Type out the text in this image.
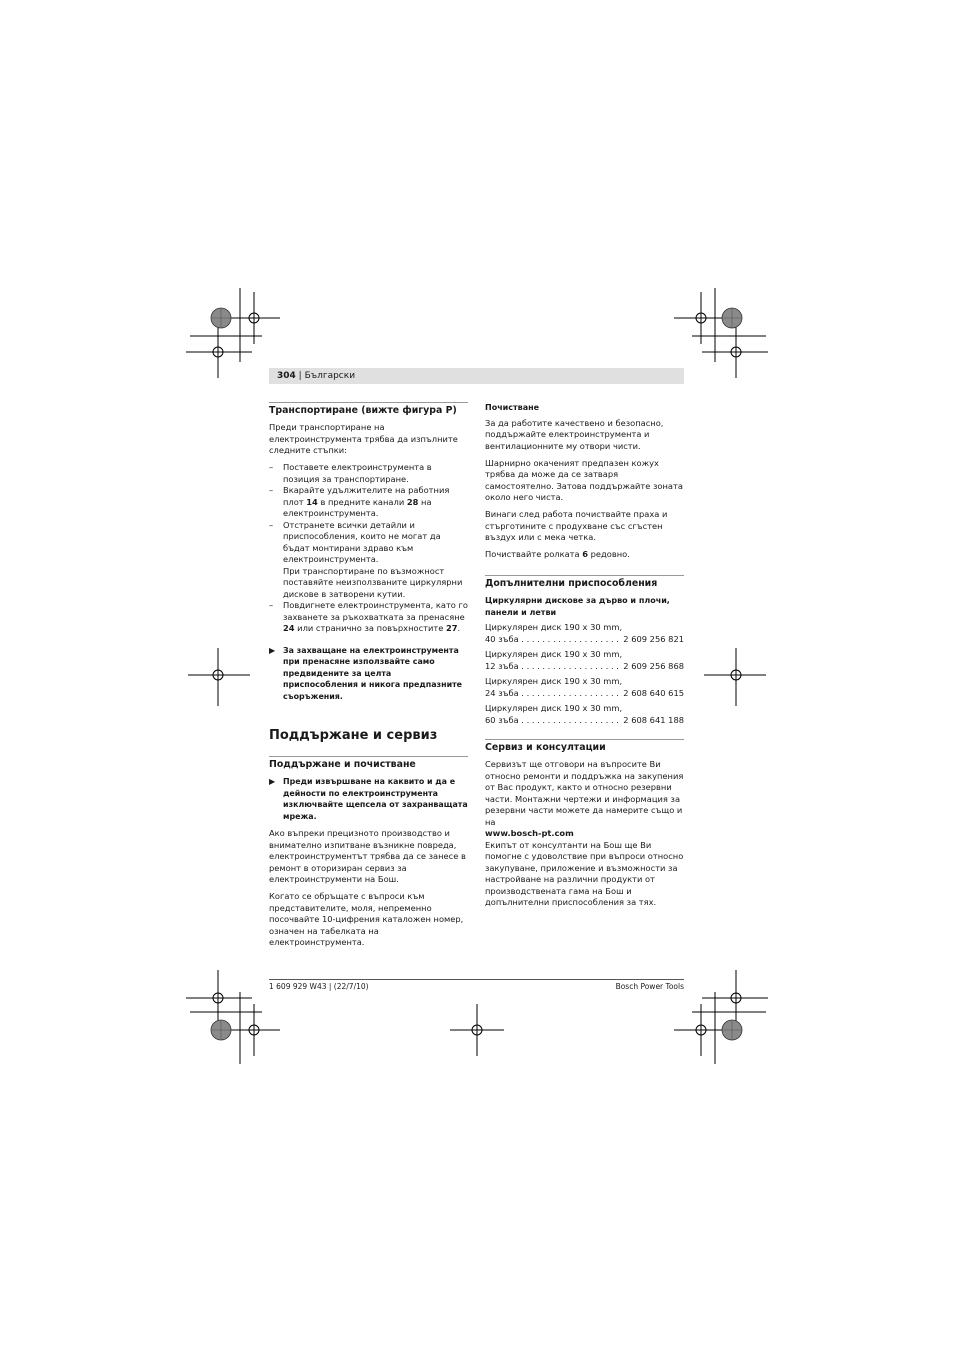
304 | Български
Транспортиране (вижте фигура P)

Преди транспортиране на електроинструмента трябва да изпълните следните стъпки:

–	Поставете електроинструмента в позиция за транспортиране.
–	Вкарайте удължителите на работния плот 14 в предните канали 28 на електроинструмента.
–	Отстранете всички детайли и приспособления, които не могат да бъдат монтирани здраво към електроинструмента.
При транспортиране по възможност поставяйте неизползваните циркулярни дискове в затворени кутии.
–	Повдигнете електроинструмента, като го захванете за ръкохватката за пренасяне 24 или странично за повърхностите 27.
▶ За захващане на електроинструмента при пренасяне използвайте само предвидените за целта приспособления и никога предпазните съоръжения.
Поддържане и сервиз
Поддържане и почистване
▶ Преди извършване на каквито и да е дейности по електроинструмента изключвайте щепсела от захранващата мрежа.

Ако въпреки прецизното производство и внимателно изпитване възникне повреда, електроинструментът трябва да се занесе в ремонт в оторизиран сервиз за електроинструменти на Бош.

Когато се обръщате с въпроси към представителите, моля, непременно посочвайте 10-цифрения каталожен номер, означен на табелката на електроинструмента.

Почистване

За да работите качествено и безопасно, поддържайте електроинструмента и вентилационните му отвори чисти.

Шарнирно окаченият предпазен кожух трябва да може да се затваря самостоятелно. Затова поддържайте зоната около него чиста.

Винаги след работа почиствайте праха и стърготините с продухване със сгъстен въздух или с мека четка.

Почиствайте ролката 6 редовно.

Допълнителни приспособления
Циркулярни дискове за дърво и плочи, панели и летви
Циркулярен диск 190 x 30 mm,
40 зъба . . .	2 609 256 821
Циркулярен диск 190 x 30 mm,
12 зъба . . .	2 609 256 868
Циркулярен диск 190 x 30 mm,
24 зъба . . .	2 608 640 615
Циркулярен диск 190 x 30 mm,
60 зъба . . .	2 608 641 188
Сервиз и консултации
Сервизът ще отговори на въпросите Ви относно ремонти и поддръжка на закупения от Вас продукт, както и относно резервни части. Монтажни чертежи и информация за резервни части можете да намерите също и на
www.bosch-pt.com
Екипът от консултанти на Бош ще Ви помогне с удоволствие при въпроси относно закупуване, приложение и възможности за настройване на различни продукти от производствената гама на Бош и допълнителни приспособления за тях.
1 609 929 W43 | (22/7/10)	Bosch Power Tools
